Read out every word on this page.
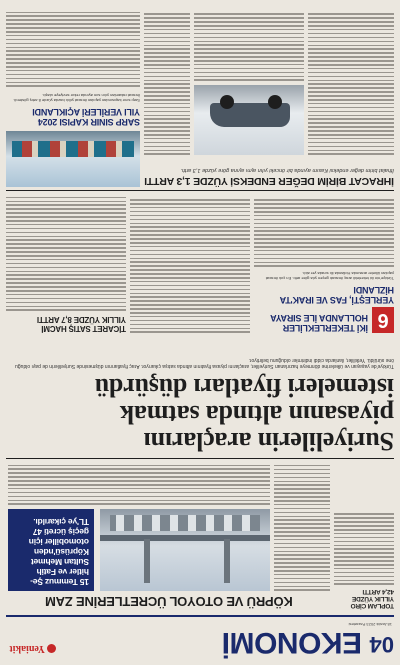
04
EKONOMİ
18 Aralık 2023 Pazartesi
Yeniakit
TOPLAM CİRO
YILLIK YÜZDE
42,4 ARTTI
KÖPRÜ VE OTOYOL ÜCRETLERİNE ZAM
15 Temmuz Şe-
hitler ve Fatih
Sultan Mehmet
Köprüsü'nden
otomobiller için
geçiş ücreti 47
TL'ye çıkarıldı.
Suriyelilerin araçlarını
piyasanın altında satmak
istemeleri fiyatları düşürdü
Türkiye'de yaşayan ve ülkelerine dönmeye hazırlanan Suriyeliler, araçlarını piyasa fiyatının altında satışa çıkarıyor. Araç fiyatlarının düşmesinde Suriyelilerin de payı olduğu öne sürüldü. Yetkililer, ilanlarda ciddi indirimler olduğunu belirtiyor.
6
İKİ TEKERLEKLİLER
HOLLANDA İLE SIRAYA
YERLEŞTİ, FAS VE IRAK'TA
HİZLANDI
Türkiye'nin iki tekerlekli araç ihracatı geçen yıla göre arttı. En çok ihracat yapılan ülkeler arasında Hollanda ilk sırada yer aldı.
TİCARET SATIŞ HACMİ
YILLIK YÜZDE 8,7 ARTTI
İHRACAT BİRİM DEĞER ENDEKSİ YÜZDE 1,3 ARTTI
İthalat birim değer endeksi Kasım ayında bir önceki yılın aynı ayına göre yüzde 1,3 arttı.
SARP SINIR KAPISI 2024
YILI VERİLERİ AÇIKLANDI
Sarp sınır kapısından yapılan ihracat yıllık bazda yüzde 8 artış gösterdi. İhracat rakamları yılın son ayında rekor seviyeye ulaştı.
